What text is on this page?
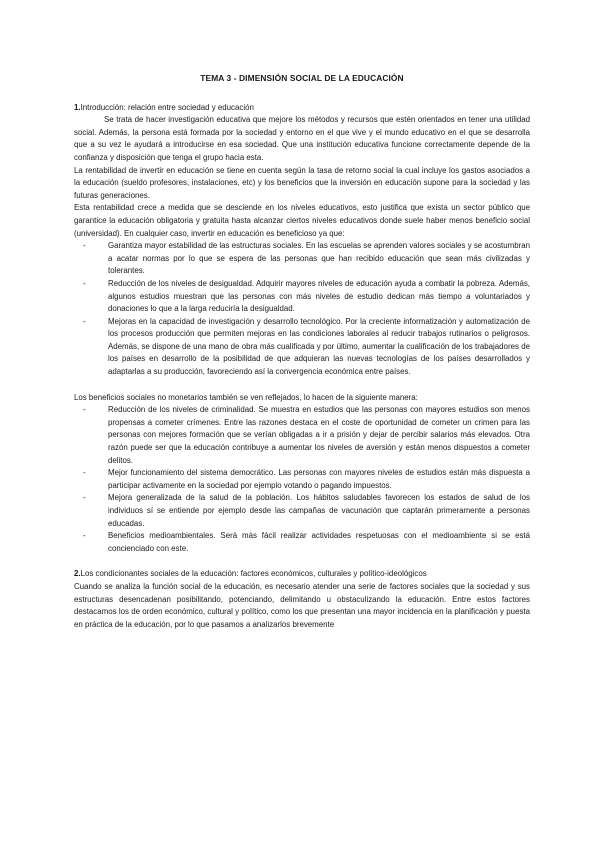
TEMA 3 - DIMENSIÓN SOCIAL DE LA EDUCACIÓN
1.Introducción: relación entre sociedad y educación

Se trata de hacer investigación educativa que mejore los métodos y recursos que estén orientados en tener una utilidad social. Además, la persona está formada por la sociedad y entorno en el que vive y el mundo educativo en el que se desarrolla que a su vez le ayudará a introducirse en esa sociedad. Que una institución educativa funcione correctamente depende de la confianza y disposición que tenga el grupo hacia esta.

La rentabilidad de invertir en educación se tiene en cuenta según la tasa de retorno social la cual incluye los gastos asociados a la educación (sueldo profesores, instalaciones, etc) y los beneficios que la inversión en educación supone para la sociedad y las futuras generaciones.

Esta rentabilidad crece a medida que se desciende en los niveles educativos, esto justifica que exista un sector público que garantice la educación obligatoria y gratuita hasta alcanzar ciertos niveles educativos donde suele haber menos beneficio social (universidad). En cualquier caso, invertir en educación es beneficioso ya que:

- Garantiza mayor estabilidad de las estructuras sociales. En las escuelas se aprenden valores sociales y se acostumbran a acatar normas por lo que se espera de las personas que han recibido educación que sean más civilizadas y tolerantes.
- Reducción de los niveles de desigualdad. Adquirir mayores niveles de educación ayuda a combatir la pobreza. Además, algunos estudios muestran que las personas con más niveles de estudio dedican más tiempo a voluntariados y donaciones lo que a la larga reduciría la desigualdad.
- Mejoras en la capacidad de investigación y desarrollo tecnológico. Por la creciente informatización y automatización de los procesos producción que permiten mejoras en las condiciones laborales al reducir trabajos rutinarios o peligrosos. Además, se dispone de una mano de obra más cualificada y por último, aumentar la cualificación de los trabajadores de los países en desarrollo de la posibilidad de que adquieran las nuevas tecnologías de los países desarrollados y adaptarlas a su producción, favoreciendo así la convergencia económica entre países.

Los beneficios sociales no monetarios también se ven reflejados, lo hacen de la siguiente manera:

- Reducción de los niveles de criminalidad. Se muestra en estudios que las personas con mayores estudios son menos propensas a cometer crímenes. Entre las razones destaca en el coste de oportunidad de cometer un crimen para las personas con mejores formación que se verían obligadas a ir a prisión y dejar de percibir salarios más elevados. Otra razón puede ser que la educación contribuye a aumentar los niveles de aversión y están menos dispuestos a cometer delitos.
- Mejor funcionamiento del sistema democrático. Las personas con mayores niveles de estudios están más dispuesta a participar activamente en la sociedad por ejemplo votando o pagando impuestos.
- Mejora generalizada de la salud de la población. Los hábitos saludables favorecen los estados de salud de los individuos sí se entiende por ejemplo desde las campañas de vacunación que captarán primeramente a personas educadas.
- Beneficios medioambientales. Será más fácil realizar actividades respetuosas con el medioambiente si se está concienciado con este.
2.Los condicionantes sociales de la educación: factores económicos, culturales y político-ideológicos

Cuando se analiza la función social de la educación, es necesario atender una serie de factores sociales que la sociedad y sus estructuras desencadenan posibilitando, potenciando, delimitando u obstaculizando la educación. Entre estos factores destacamos los de orden económico, cultural y político, como los que presentan una mayor incidencia en la planificación y puesta en práctica de la educación, por lo que pasamos a analizarlos brevemente
